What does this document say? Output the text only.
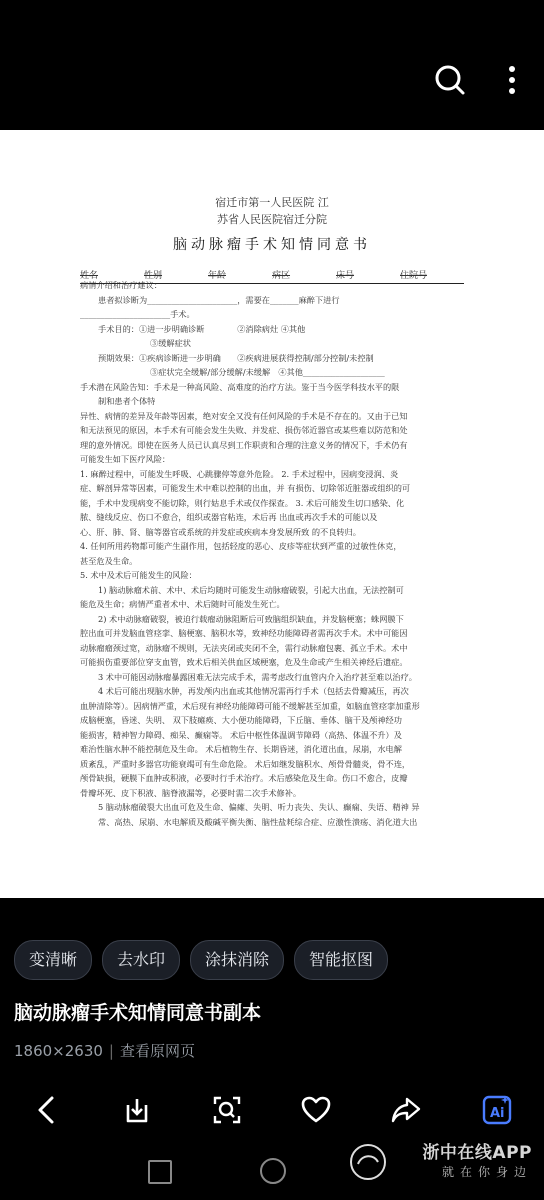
宿迁市第一人民医院 江
苏省人民医院宿迁分院
脑动脉瘤手术知情同意书
姓名	性别	年龄	病区	床号	住院号

病情介绍和治疗建议：

患者拟诊断为______________________，需要在_______麻醉下进行

______________________手术。

手术目的：①进一步明确诊断　　　　②消除病灶 ④其他

③缓解症状

预期效果：①疾病诊断进一步明确　　②疾病进展获得控制/部分控制/未控制

③症状完全缓解/部分缓解/未缓解　④其他____________________

手术潜在风险告知：手术是一种高风险、高难度的治疗方法。鉴于当今医学科技水平的限

制和患者个体特

异性、病情的差异及年龄等因素，绝对安全又没有任何风险的手术是不存在的。又由于已知

和无法预见的原因，本手术有可能会发生失败、并发症、损伤邻近器官或某些难以防范和处

理的意外情况。即使在医务人员已认真尽到工作职责和合理的注意义务的情况下，手术仍有

可能发生如下医疗风险：

1. 麻醉过程中，可能发生呼吸、心跳骤停等意外危险。 2. 手术过程中，因病变浸润、炎

症、解剖异常等因素，可能发生术中难以控制的出血，并 有损伤、切除邻近脏器或组织的可

能，手术中发现病变不能切除，则行姑息手术或仅作探查。 3. 术后可能发生切口感染、化

脓、缝线反应、伤口不愈合，组织或器官粘连，术后再 出血或再次手术的可能以及

心、肝、肺、肾、脑等器官或系统的并发症或疾病本身发展所致 的不良转归。

4. 任何所用药物都可能产生副作用，包括轻度的恶心、皮疹等症状到严重的过敏性休克，

甚至危及生命。

5. 术中及术后可能发生的风险：

1) 脑动脉瘤术前、术中、术后均随时可能发生动脉瘤破裂，引起大出血，无法控制可

能危及生命；病情严重者术中、术后随时可能发生死亡。

2) 术中动脉瘤破裂，被迫行载瘤动脉阻断后可致脑组织缺血，并发脑梗塞；蛛网膜下

腔出血可并发脑血管痉挛、脑梗塞、脑积水等，致神经功能障碍者需再次手术。术中可能因

动脉瘤瘤颈过宽，动脉瘤不规则，无法夹闭或夹闭不全，需行动脉瘤包裹、孤立手术。术中

可能损伤重要部位穿支血管，致术后相关供血区域梗塞，危及生命或产生相关神经后遗症。

3 术中可能因动脉瘤暴露困难无法完成手术，需考虑改行血管内介入治疗甚至难以治疗。

4 术后可能出现脑水肿，再发颅内出血或其他情况需再行手术（包括去骨瓣减压，再次

血肿清除等）。因病情严重，术后现有神经功能障碍可能不缓解甚至加重，如脑血管痉挛加重形

成脑梗塞，昏迷、失明、 双下肢瘫痪、大小便功能障碍，下丘脑、垂体、脑干及颅神经功

能损害，精神智力障碍、痴呆、癫痫等。 术后中枢性体温调节障碍（高热、体温不升）及

难治性脑水肿不能控制危及生命。 术后植物生存、长期昏迷，消化道出血，尿崩，水电解

质紊乱，严重时多器官功能衰竭可有生命危险。 术后如继发脑积水、颅骨骨髓炎，骨不连，

颅骨缺损，硬膜下血肿或积液，必要时行手术治疗。术后感染危及生命。伤口不愈合，皮瓣

骨瓣坏死、皮下积液、脑脊液漏等，必要时需二次手术修补。

5 脑动脉瘤破裂大出血可危及生命、偏瘫、失明、听力丧失、失认、癫痫、失语、精神 异

常、高热、尿崩、水电解质及酸碱平衡失衡、脑性盐耗综合症、应激性溃疡、消化道大出

变清晰	去水印	涂抹消除	智能抠图
脑动脉瘤手术知情同意书副本
1860×2630 | 查看原网页
Ai
浙中在线APP
就在你身边
